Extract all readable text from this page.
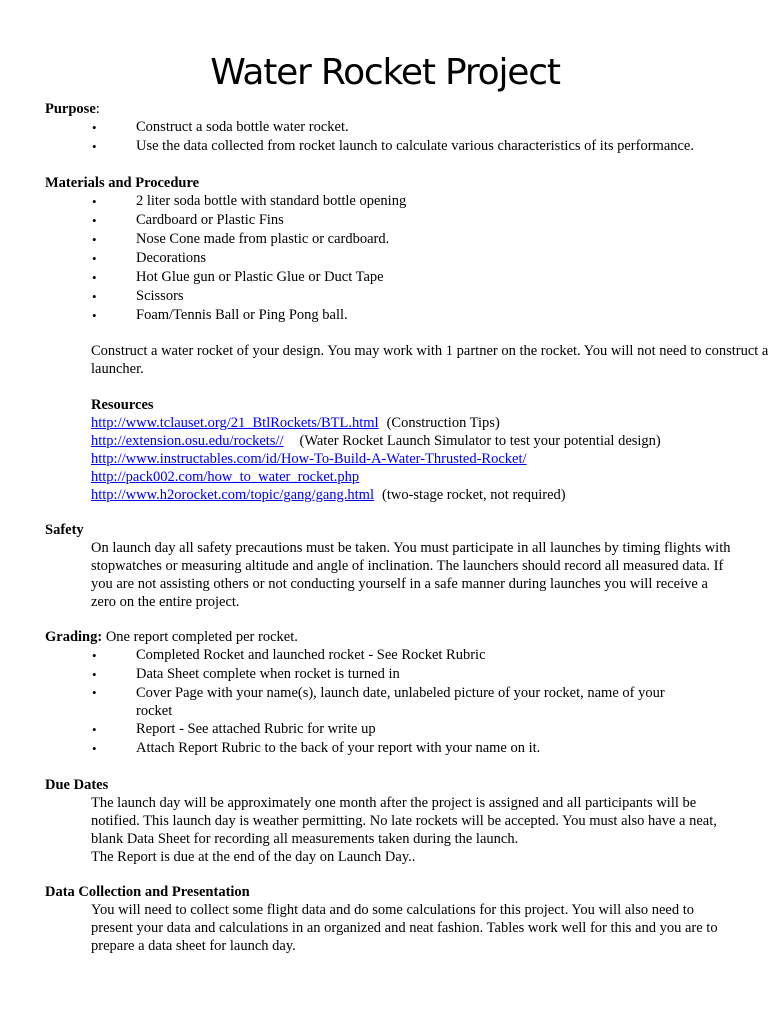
Water Rocket Project
Purpose:
• Construct a soda bottle water rocket.
• Use the data collected from rocket launch to calculate various characteristics of its performance.
Materials and Procedure
• 2 liter soda bottle with standard bottle opening
• Cardboard or Plastic Fins
• Nose Cone made from plastic or cardboard.
• Decorations
• Hot Glue gun or Plastic Glue or Duct Tape
• Scissors
• Foam/Tennis Ball or Ping Pong ball.
Construct a water rocket of your design. You may work with 1 partner on the rocket. You will not need to construct a launcher.
Resources
http://www.tclauset.org/21_BtlRockets/BTL.html (Construction Tips)
http://extension.osu.edu/rockets// (Water Rocket Launch Simulator to test your potential design)
http://www.instructables.com/id/How-To-Build-A-Water-Thrusted-Rocket/
http://pack002.com/how_to_water_rocket.php
http://www.h2orocket.com/topic/gang/gang.html (two-stage rocket, not required)
Safety
On launch day all safety precautions must be taken. You must participate in all launches by timing flights with stopwatches or measuring altitude and angle of inclination. The launchers should record all measured data. If you are not assisting others or not conducting yourself in a safe manner during launches you will receive a zero on the entire project.
Grading: One report completed per rocket.
• Completed Rocket and launched rocket - See Rocket Rubric
• Data Sheet complete when rocket is turned in
• Cover Page with your name(s), launch date, unlabeled picture of your rocket, name of your rocket
• Report - See attached Rubric for write up
• Attach Report Rubric to the back of your report with your name on it.
Due Dates
The launch day will be approximately one month after the project is assigned and all participants will be notified. This launch day is weather permitting. No late rockets will be accepted. You must also have a neat, blank Data Sheet for recording all measurements taken during the launch.
The Report is due at the end of the day on Launch Day..
Data Collection and Presentation
You will need to collect some flight data and do some calculations for this project. You will also need to present your data and calculations in an organized and neat fashion. Tables work well for this and you are to prepare a data sheet for launch day.
